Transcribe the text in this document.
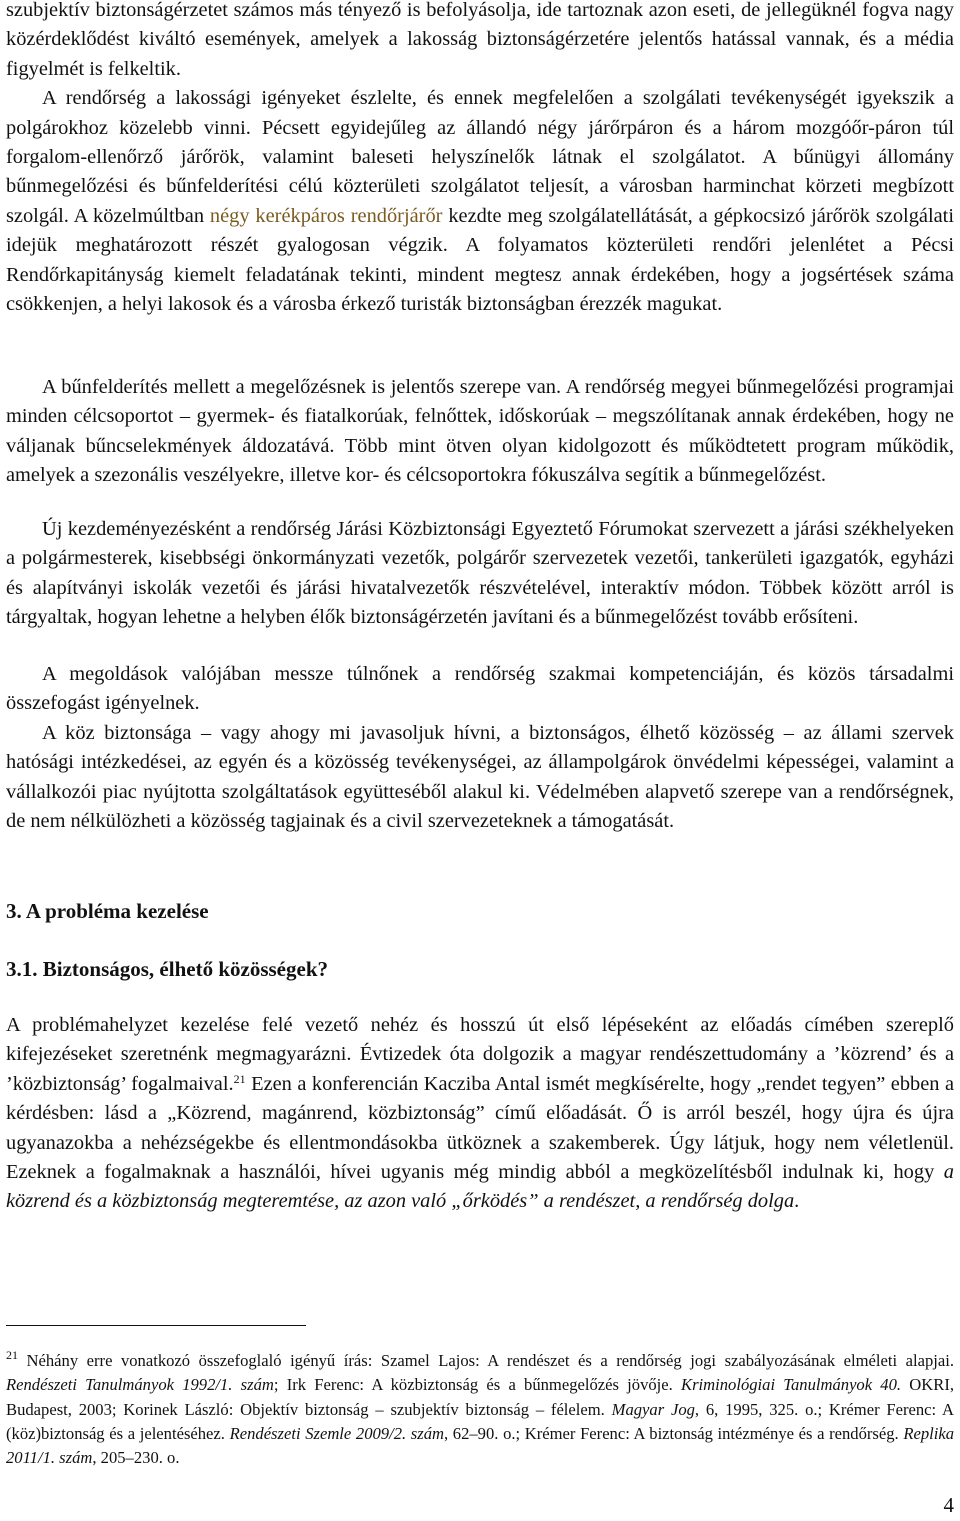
szubjektív biztonságérzetet számos más tényező is befolyásolja, ide tartoznak azon eseti, de jellegüknél fogva nagy közérdeklődést kiváltó események, amelyek a lakosság biztonságérzetére jelentős hatással vannak, és a média figyelmét is felkeltik.
A rendőrség a lakossági igényeket észlelte, és ennek megfelelően a szolgálati tevékenységét igyekszik a polgárokhoz közelebb vinni. Pécsett egyidejűleg az állandó négy járőrpáron és a három mozgóőr-páron túl forgalom-ellenőrző járőrök, valamint baleseti helyszínelők látnak el szolgálatot. A bűnügyi állomány bűnmegelőzési és bűnfelderítési célú közterületi szolgálatot teljesít, a városban harminchat körzeti megbízott szolgál. A közelmúltban négy kerékpáros rendőrjárőr kezdte meg szolgálatellátását, a gépkocsizó járőrök szolgálati idejük meghatározott részét gyalogosan végzik. A folyamatos közterületi rendőri jelenlétet a Pécsi Rendőrkapitányság kiemelt feladatának tekinti, mindent megtesz annak érdekében, hogy a jogsértések száma csökkenjen, a helyi lakosok és a városba érkező turisták biztonságban érezzék magukat.

A bűnfelderítés mellett a megelőzésnek is jelentős szerepe van. A rendőrség megyei bűnmegelőzési programjai minden célcsoportot – gyermek- és fiatalkorúak, felnőttek, időskorúak – megszólítanak annak érdekében, hogy ne váljanak bűncselekmények áldozatává. Több mint ötven olyan kidolgozott és működtetett program működik, amelyek a szezonális veszélyekre, illetve kor- és célcsoportokra fókuszálva segítik a bűnmegelőzést.

Új kezdeményezésként a rendőrség Járási Közbiztonsági Egyeztető Fórumokat szervezett a járási székhelyeken a polgármesterek, kisebbségi önkormányzati vezetők, polgárőr szervezetek vezetői, tankerületi igazgatók, egyházi és alapítványi iskolák vezetői és járási hivatalvezetők részvételével, interaktív módon. Többek között arról is tárgyaltak, hogyan lehetne a helyben élők biztonságérzetén javítani és a bűnmegelőzést tovább erősíteni.

A megoldások valójában messze túlnőnek a rendőrség szakmai kompetenciáján, és közös társadalmi összefogást igényelnek.

A köz biztonsága – vagy ahogy mi javasoljuk hívni, a biztonságos, élhető közösség – az állami szervek hatósági intézkedései, az egyén és a közösség tevékenységei, az állampolgárok önvédelmi képességei, valamint a vállalkozói piac nyújtotta szolgáltatások együtteséből alakul ki. Védelmében alapvető szerepe van a rendőrségnek, de nem nélkülözheti a közösség tagjainak és a civil szervezeteknek a támogatását.

3. A probléma kezelése
3.1. Biztonságos, élhető közösségek?

A problémahelyzet kezelése felé vezető nehéz és hosszú út első lépéseként az előadás címében szereplő kifejezéseket szeretnénk megmagyarázni. Évtizedek óta dolgozik a magyar rendészettudomány a ’közrend’ és a ’közbiztonság’ fogalmaival.$^{21}$ Ezen a konferencián Kacziba Antal ismét megkísérelte, hogy „rendet tegyen” ebben a kérdésben: lásd a „Közrend, magánrend, közbiztonság” című előadását. Ő is arról beszél, hogy újra és újra ugyanazokba a nehézségekbe és ellentmondásokba ütköznek a szakemberek. Úgy látjuk, hogy nem véletlenül. Ezeknek a fogalmaknak a használói, hívei ugyanis még mindig abból a megközelítésből indulnak ki, hogy a közrend és a közbiztonság megteremtése, az azon való „őrködés” a rendészet, a rendőrség dolga.

$^{21}$ Néhány erre vonatkozó összefoglaló igényű írás: Szamel Lajos: A rendészet és a rendőrség jogi szabályozásának elméleti alapjai. Rendészeti Tanulmányok 1992/1. szám; Irk Ferenc: A közbiztonság és a bűnmegelőzés jövője. Kriminológiai Tanulmányok 40. OKRI, Budapest, 2003; Korinek László: Objektív biztonság – szubjektív biztonság – félelem. Magyar Jog, 6, 1995, 325. o.; Krémer Ferenc: A (köz)biztonság és a jelentéséhez. Rendészeti Szemle 2009/2. szám, 62–90. o.; Krémer Ferenc: A biztonság intézménye és a rendőrség. Replika 2011/1. szám, 205–230. o.

4
